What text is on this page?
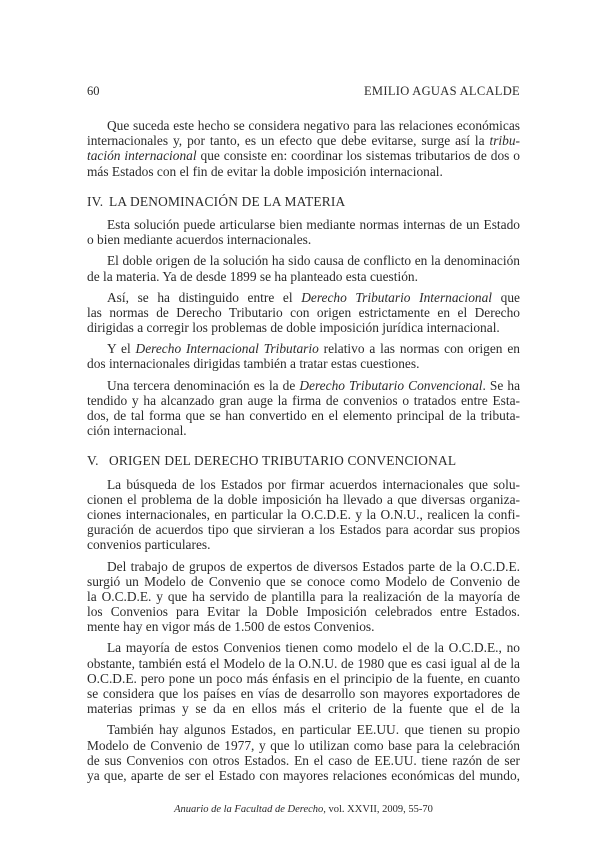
60	EMILIO AGUAS ALCALDE
Que suceda este hecho se considera negativo para las relaciones económicas
internacionales y, por tanto, es un efecto que debe evitarse, surge así la tribu-
tación internacional que consiste en: coordinar los sistemas tributarios de dos o
más Estados con el fin de evitar la doble imposición internacional.
IV. LA DENOMINACIÓN DE LA MATERIA
Esta solución puede articularse bien mediante normas internas de un Estado
o bien mediante acuerdos internacionales.
El doble origen de la solución ha sido causa de conflicto en la denominación
de la materia. Ya de desde 1899 se ha planteado esta cuestión.
Así, se ha distinguido entre el Derecho Tributario Internacional que
las normas de Derecho Tributario con origen estrictamente en el Derecho
dirigidas a corregir los problemas de doble imposición jurídica internacional.
Y el Derecho Internacional Tributario relativo a las normas con origen en
dos internacionales dirigidas también a tratar estas cuestiones.
Una tercera denominación es la de Derecho Tributario Convencional. Se ha
tendido y ha alcanzado gran auge la firma de convenios o tratados entre Esta-
dos, de tal forma que se han convertido en el elemento principal de la tributa-
ción internacional.
V. ORIGEN DEL DERECHO TRIBUTARIO CONVENCIONAL
La búsqueda de los Estados por firmar acuerdos internacionales que solu-
cionen el problema de la doble imposición ha llevado a que diversas organiza-
ciones internacionales, en particular la O.C.D.E. y la O.N.U., realicen la confi-
guración de acuerdos tipo que sirvieran a los Estados para acordar sus propios
convenios particulares.
Del trabajo de grupos de expertos de diversos Estados parte de la O.C.D.E.
surgió un Modelo de Convenio que se conoce como Modelo de Convenio de
la O.C.D.E. y que ha servido de plantilla para la realización de la mayoría de
los Convenios para Evitar la Doble Imposición celebrados entre Estados.
mente hay en vigor más de 1.500 de estos Convenios.
La mayoría de estos Convenios tienen como modelo el de la O.C.D.E., no
obstante, también está el Modelo de la O.N.U. de 1980 que es casi igual al de la
O.C.D.E. pero pone un poco más énfasis en el principio de la fuente, en cuanto
se considera que los países en vías de desarrollo son mayores exportadores de
materias primas y se da en ellos más el criterio de la fuente que el de la
También hay algunos Estados, en particular EE.UU. que tienen su propio
Modelo de Convenio de 1977, y que lo utilizan como base para la celebración
de sus Convenios con otros Estados. En el caso de EE.UU. tiene razón de ser
ya que, aparte de ser el Estado con mayores relaciones económicas del mundo,
Anuario de la Facultad de Derecho, vol. XXVII, 2009, 55-70
